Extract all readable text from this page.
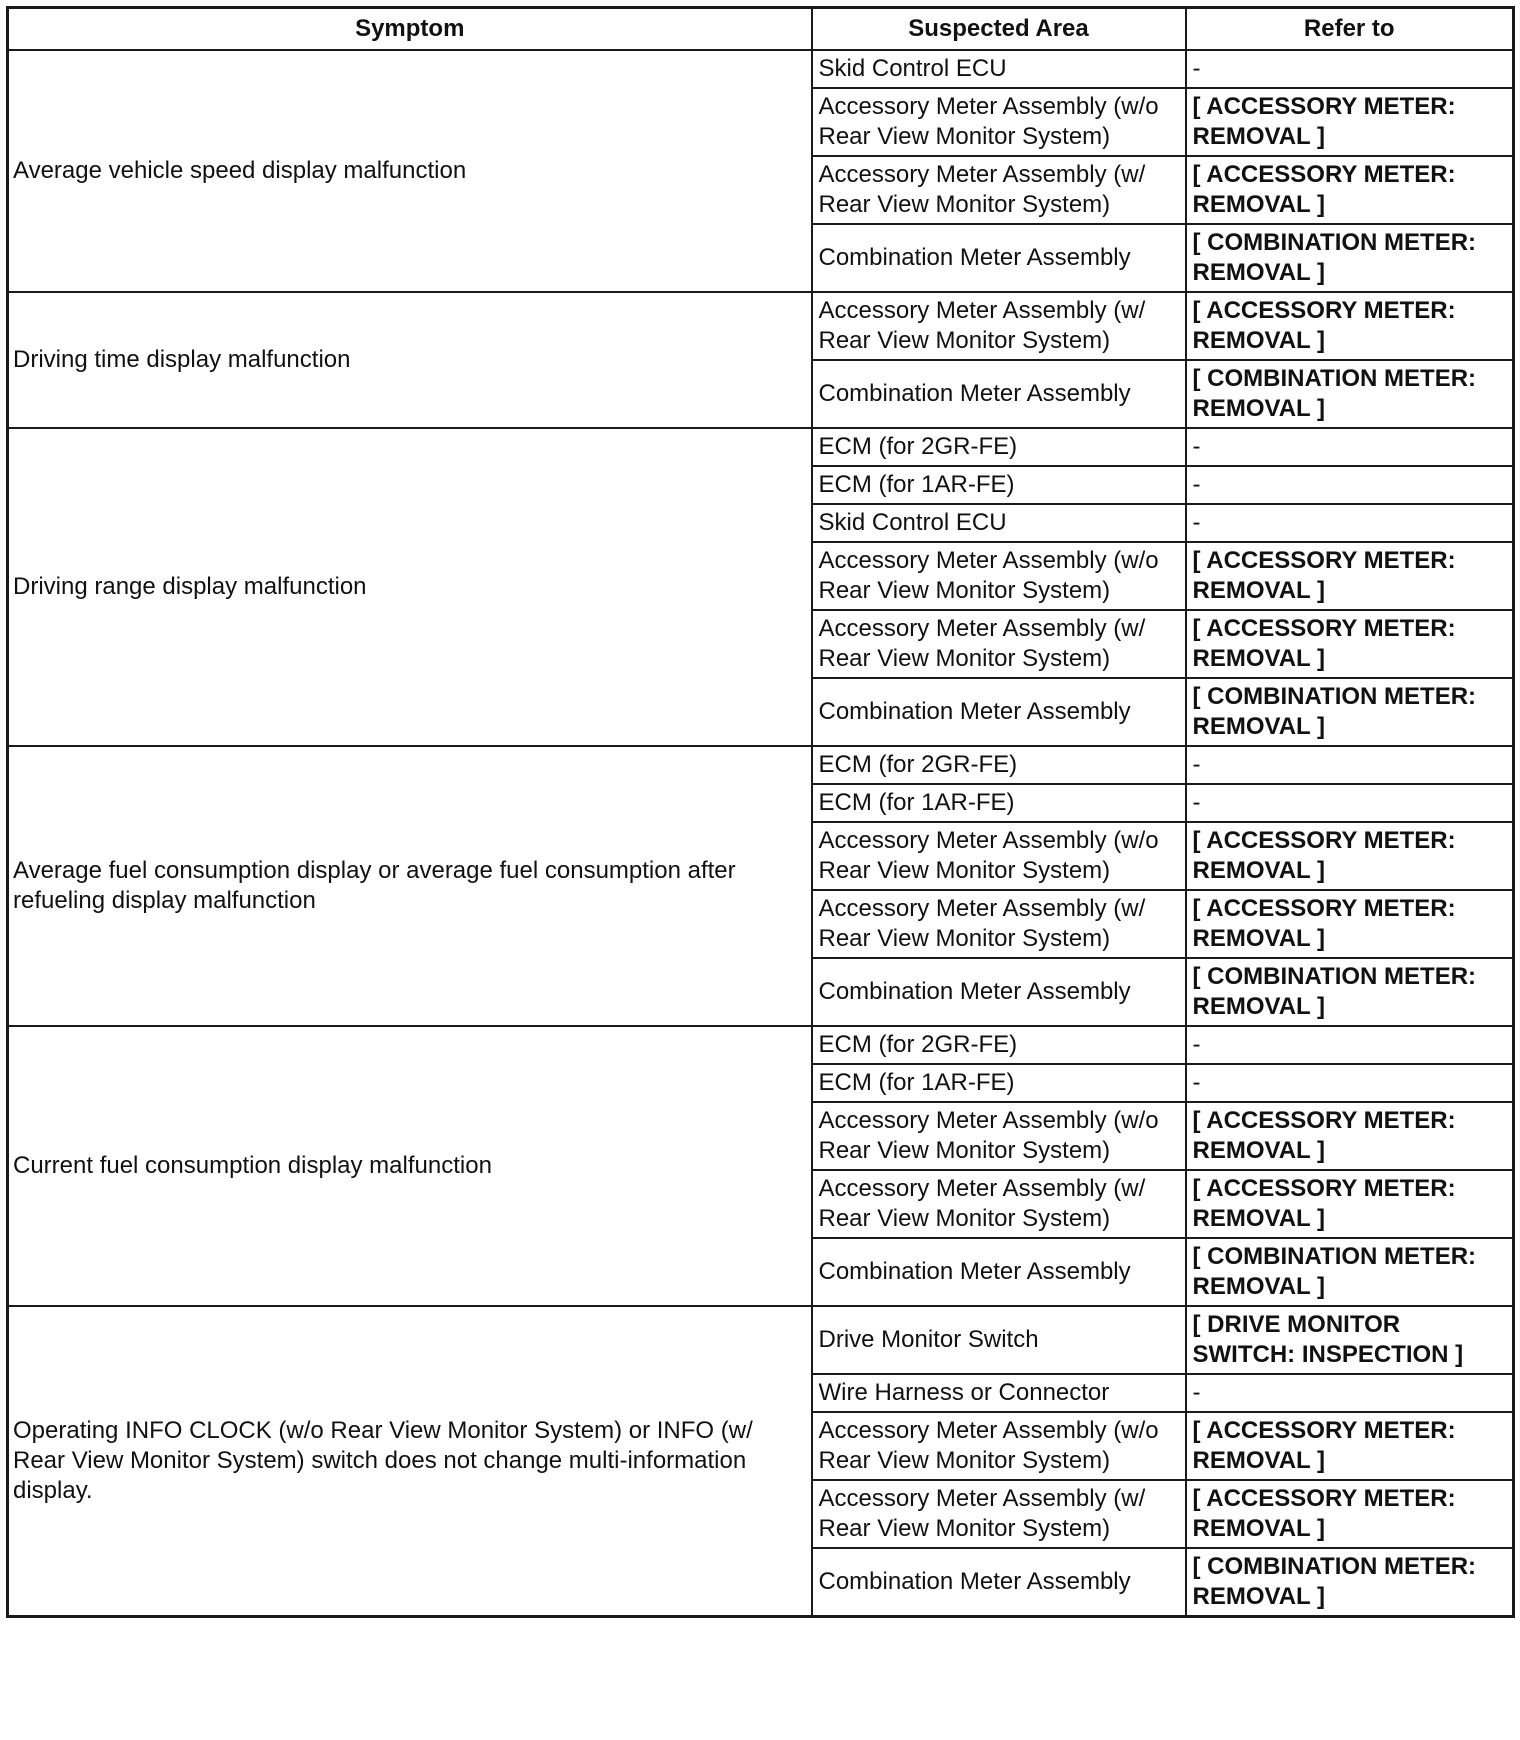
Symptom	Suspected Area	Refer to
Average vehicle speed display malfunction	Skid Control ECU	-
	Accessory Meter Assembly (w/o Rear View Monitor System)	[ ACCESSORY METER: REMOVAL ]
	Accessory Meter Assembly (w/ Rear View Monitor System)	[ ACCESSORY METER: REMOVAL ]
	Combination Meter Assembly	[ COMBINATION METER: REMOVAL ]
Driving time display malfunction	Accessory Meter Assembly (w/ Rear View Monitor System)	[ ACCESSORY METER: REMOVAL ]
	Combination Meter Assembly	[ COMBINATION METER: REMOVAL ]
Driving range display malfunction	ECM (for 2GR-FE)	-
	ECM (for 1AR-FE)	-
	Skid Control ECU	-
	Accessory Meter Assembly (w/o Rear View Monitor System)	[ ACCESSORY METER: REMOVAL ]
	Accessory Meter Assembly (w/ Rear View Monitor System)	[ ACCESSORY METER: REMOVAL ]
	Combination Meter Assembly	[ COMBINATION METER: REMOVAL ]
Average fuel consumption display or average fuel consumption after refueling display malfunction	ECM (for 2GR-FE)	-
	ECM (for 1AR-FE)	-
	Accessory Meter Assembly (w/o Rear View Monitor System)	[ ACCESSORY METER: REMOVAL ]
	Accessory Meter Assembly (w/ Rear View Monitor System)	[ ACCESSORY METER: REMOVAL ]
	Combination Meter Assembly	[ COMBINATION METER: REMOVAL ]
Current fuel consumption display malfunction	ECM (for 2GR-FE)	-
	ECM (for 1AR-FE)	-
	Accessory Meter Assembly (w/o Rear View Monitor System)	[ ACCESSORY METER: REMOVAL ]
	Accessory Meter Assembly (w/ Rear View Monitor System)	[ ACCESSORY METER: REMOVAL ]
	Combination Meter Assembly	[ COMBINATION METER: REMOVAL ]
Operating INFO CLOCK (w/o Rear View Monitor System) or INFO (w/ Rear View Monitor System) switch does not change multi-information display.	Drive Monitor Switch	[ DRIVE MONITOR SWITCH: INSPECTION ]
	Wire Harness or Connector	-
	Accessory Meter Assembly (w/o Rear View Monitor System)	[ ACCESSORY METER: REMOVAL ]
	Accessory Meter Assembly (w/ Rear View Monitor System)	[ ACCESSORY METER: REMOVAL ]
	Combination Meter Assembly	[ COMBINATION METER: REMOVAL ]
